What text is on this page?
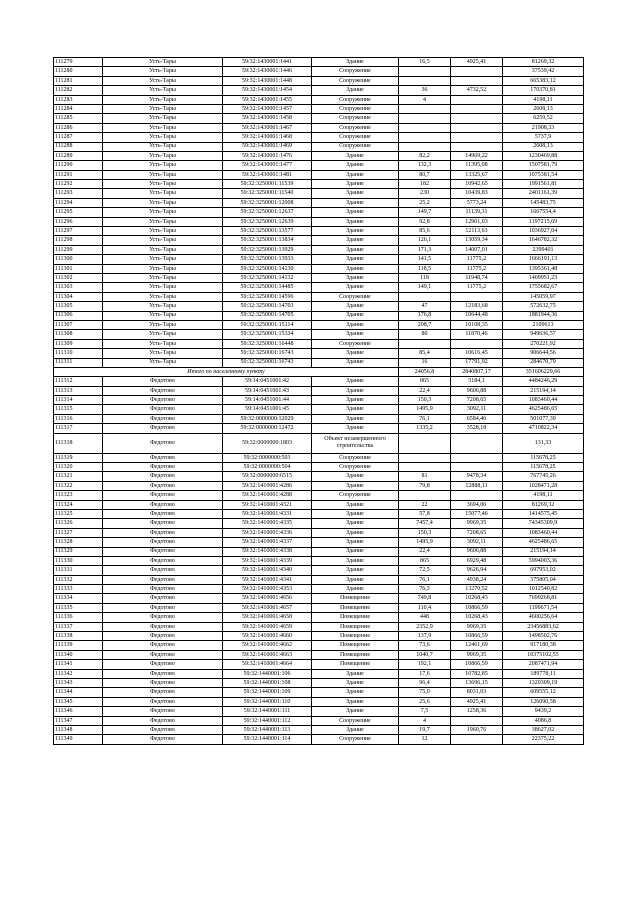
111279	Усть-Тары	59:32:1430001:1441	Здание	16,5	4925,41	81269,32
111280	Усть-Тары	59:32:1430001:1446	Сооружение			37539,42
111281	Усть-Тары	59:32:1430001:1448	Сооружение			665383,12
111282	Усть-Тары	59:32:1430001:1454	Здание	36	4732,52	170370,81
111283	Усть-Тары	59:32:1430001:1455	Сооружение	4		4198,11
111284	Усть-Тары	59:32:1430001:1457	Сооружение			2608,13
111285	Усть-Тары	59:32:1430001:1458	Сооружение			6259,52
111286	Усть-Тары	59:32:1430001:1467	Сооружение			21908,33
111287	Усть-Тары	59:32:1430001:1468	Сооружение			5737,9
111288	Усть-Тары	59:32:1430001:1469	Сооружение			2608,13
111289	Усть-Тары	59:32:1430001:1476	Здание	82,2	14969,22	1230469,88
111290	Усть-Тары	59:32:1430001:1477	Здание	132,3	11395,08	1507581,79
111291	Усть-Тары	59:32:1430001:1481	Здание	80,7	13325,67	1075381,54
111292	Усть-Тары	59:32:3250001:11539	Здание	182	10942,65	1991561,81
111293	Усть-Тары	59:32:3250001:11540	Здание	230	10439,83	2401161,39
111294	Усть-Тары	59:32:3250001:12008	Здание	25,2	5773,24	145483,75
111295	Усть-Тары	59:32:3250001:12637	Здание	149,7	11139,31	1667554,4
111296	Усть-Тары	59:32:3250001:12639	Здание	92,8	12901,03	1197215,69
111297	Усть-Тары	59:32:3250001:13577	Здание	85,6	12113,63	1036927,04
111298	Усть-Тары	59:32:3250001:13834	Здание	126,1	13059,34	1646782,32
111299	Усть-Тары	59:32:3250001:13929	Здание	171,3	14007,01	2399401
111300	Усть-Тары	59:32:3250001:13933	Здание	141,5	11775,2	1666191,13
111301	Усть-Тары	59:32:3250001:14130	Здание	118,5	11775,2	1395361,48
111302	Усть-Тары	59:32:3250001:14132	Здание	118	11948,74	1409951,23
111303	Усть-Тары	59:32:3250001:14485	Здание	149,1	11775,2	1755682,67
111304	Усть-Тары	59:32:3250001:14596	Сооружение			145059,97
111305	Усть-Тары	59:32:3250001:14703	Здание	47	12183,68	572632,75
111306	Усть-Тары	59:32:3250001:14705	Здание	176,8	10644,48	1881944,36
111307	Усть-Тары	59:32:3250001:15114	Здание	208,7	10108,35	2109613
111308	Усть-Тары	59:32:3250001:15334	Здание	80	11870,46	949636,57
111309	Усть-Тары	59:32:3250001:16448	Сооружение			270221,92
111310	Усть-Тары	59:32:3250001:16743	Здание	85,4	10616,45	906644,56
111311	Усть-Тары	59:32:3250001:16743	Здание	16	17791,92	284670,79
Итого по населенному пункту				24056,8	2840807,17	351606229,66
111312	Федотово	59:14:0451001:42	Здание	865	5184,1	4484246,29
111313	Федотово	59:14:0451001:43	Здание	22,4	9606,88	215194,14
111314	Федотово	59:14:0451001:44	Здание	150,3	7208,65	1083460,44
111315	Федотово	59:14:0451001:45	Здание	1495,9	3092,11	4625486,65
111316	Федотово	59:32:0000000:12029	Здание	76,1	6584,46	501077,39
111317	Федотово	59:32:0000000:12472	Здание	1335,2	3528,18	4710822,34
111318	Федотово	59:32:0000000:1803	Объект незавершенного строительства			131,33
111319	Федотово	59:32:0000000:503	Сооружение			115678,25
111320	Федотово	59:32:0000000:504	Сооружение			115678,25
111321	Федотово	59:32:0000000:6515	Здание	81	9478,34	767745,26
111322	Федотово	59:32:1410001:4286	Здание	79,8	12888,11	1028471,28
111323	Федотово	59:32:1410001:4288	Сооружение			4198,11
111324	Федотово	59:32:1410001:4321	Здание	22	3694,06	81269,32
111325	Федотово	59:32:1410001:4331	Здание	57,8	15077,46	1414575,45
111326	Федотово	59:32:1410001:4335	Здание	7457,4	9969,35	74345309,9
111327	Федотово	59:32:1410001:4336	Здание	150,3	7208,65	1083460,44
111328	Федотово	59:32:1410001:4337	Здание	1495,9	3092,11	4625486,65
111329	Федотово	59:32:1410001:4338	Здание	22,4	9606,88	215194,14
111330	Федотово	59:32:1410001:4339	Здание	865	6929,48	5994003,36
111331	Федотово	59:32:1410001:4340	Здание	72,5	9626,94	697953,02
111332	Федотово	59:32:1410001:4341	Здание	76,1	4938,24	375805,04
111333	Федотово	59:32:1410001:4353	Здание	76,3	13270,52	1012540,82
111334	Федотово	59:32:1410001:4656	Помещение	749,8	10268,43	7699268,81
111335	Федотово	59:32:1410001:4657	Помещение	110,4	10866,59	1199671,54
111336	Федотово	59:32:1410001:4658	Помещение	448	10268,43	4600256,64
111337	Федотово	59:32:1410001:4659	Помещение	2352,9	9969,35	23456883,62
111338	Федотово	59:32:1410001:4660	Помещение	137,9	10866,59	1498502,76
111339	Федотово	59:32:1410001:4662	Помещение	73,6	12461,69	917180,38
111340	Федотово	59:32:1410001:4663	Помещение	1040,7	9969,35	10375102,55
111341	Федотово	59:32:1410001:4664	Помещение	192,1	10866,59	2087471,94
111342	Федотово	59:32:1440001:106	Здание	17,6	10782,85	189778,11
111343	Федотово	59:32:1440001:108	Здание	96,4	13696,15	1320309,19
111344	Федотово	59:32:1440001:109	Здание	75,0	8031,03	609555,12
111345	Федотово	59:32:1440001:110	Здание	25,6	4925,41	126090,58
111346	Федотово	59:32:1440001:111	Здание	7,5	1258,36	9439,2
111347	Федотово	59:32:1440001:112	Сооружение	4		4086,8
111348	Федотово	59:32:1440001:113	Здание	19,7	1960,76	38627,02
111349	Федотово	59:32:1440001:114	Сооружение	12		22375,22
